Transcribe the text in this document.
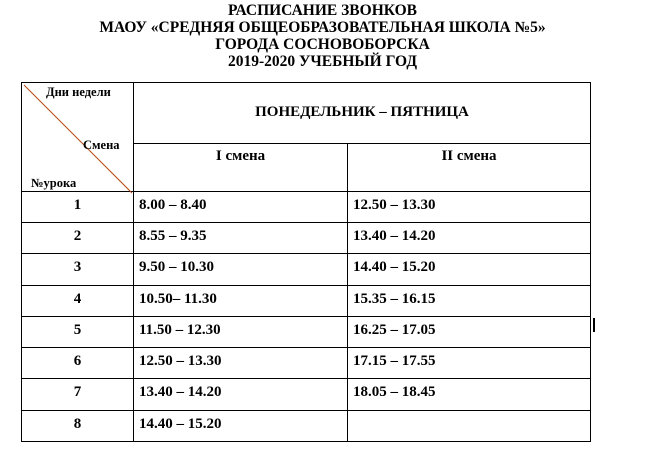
РАСПИСАНИЕ ЗВОНКОВ
МАОУ «СРЕДНЯЯ ОБЩЕОБРАЗОВАТЕЛЬНАЯ ШКОЛА №5»
ГОРОДА СОСНОВОБОРСКА
2019-2020 УЧЕБНЫЙ ГОД
Дни недели
Смена
№урока	ПОНЕДЕЛЬНИК – ПЯТНИЦА	
	I смена	II смена
1	8.00 – 8.40	12.50 – 13.30
2	8.55 – 9.35	13.40 – 14.20
3	9.50 – 10.30	14.40 – 15.20
4	10.50– 11.30	15.35 – 16.15
5	11.50 – 12.30	16.25 – 17.05
6	12.50 – 13.30	17.15 – 17.55
7	13.40 – 14.20	18.05 – 18.45
8	14.40 – 15.20	
